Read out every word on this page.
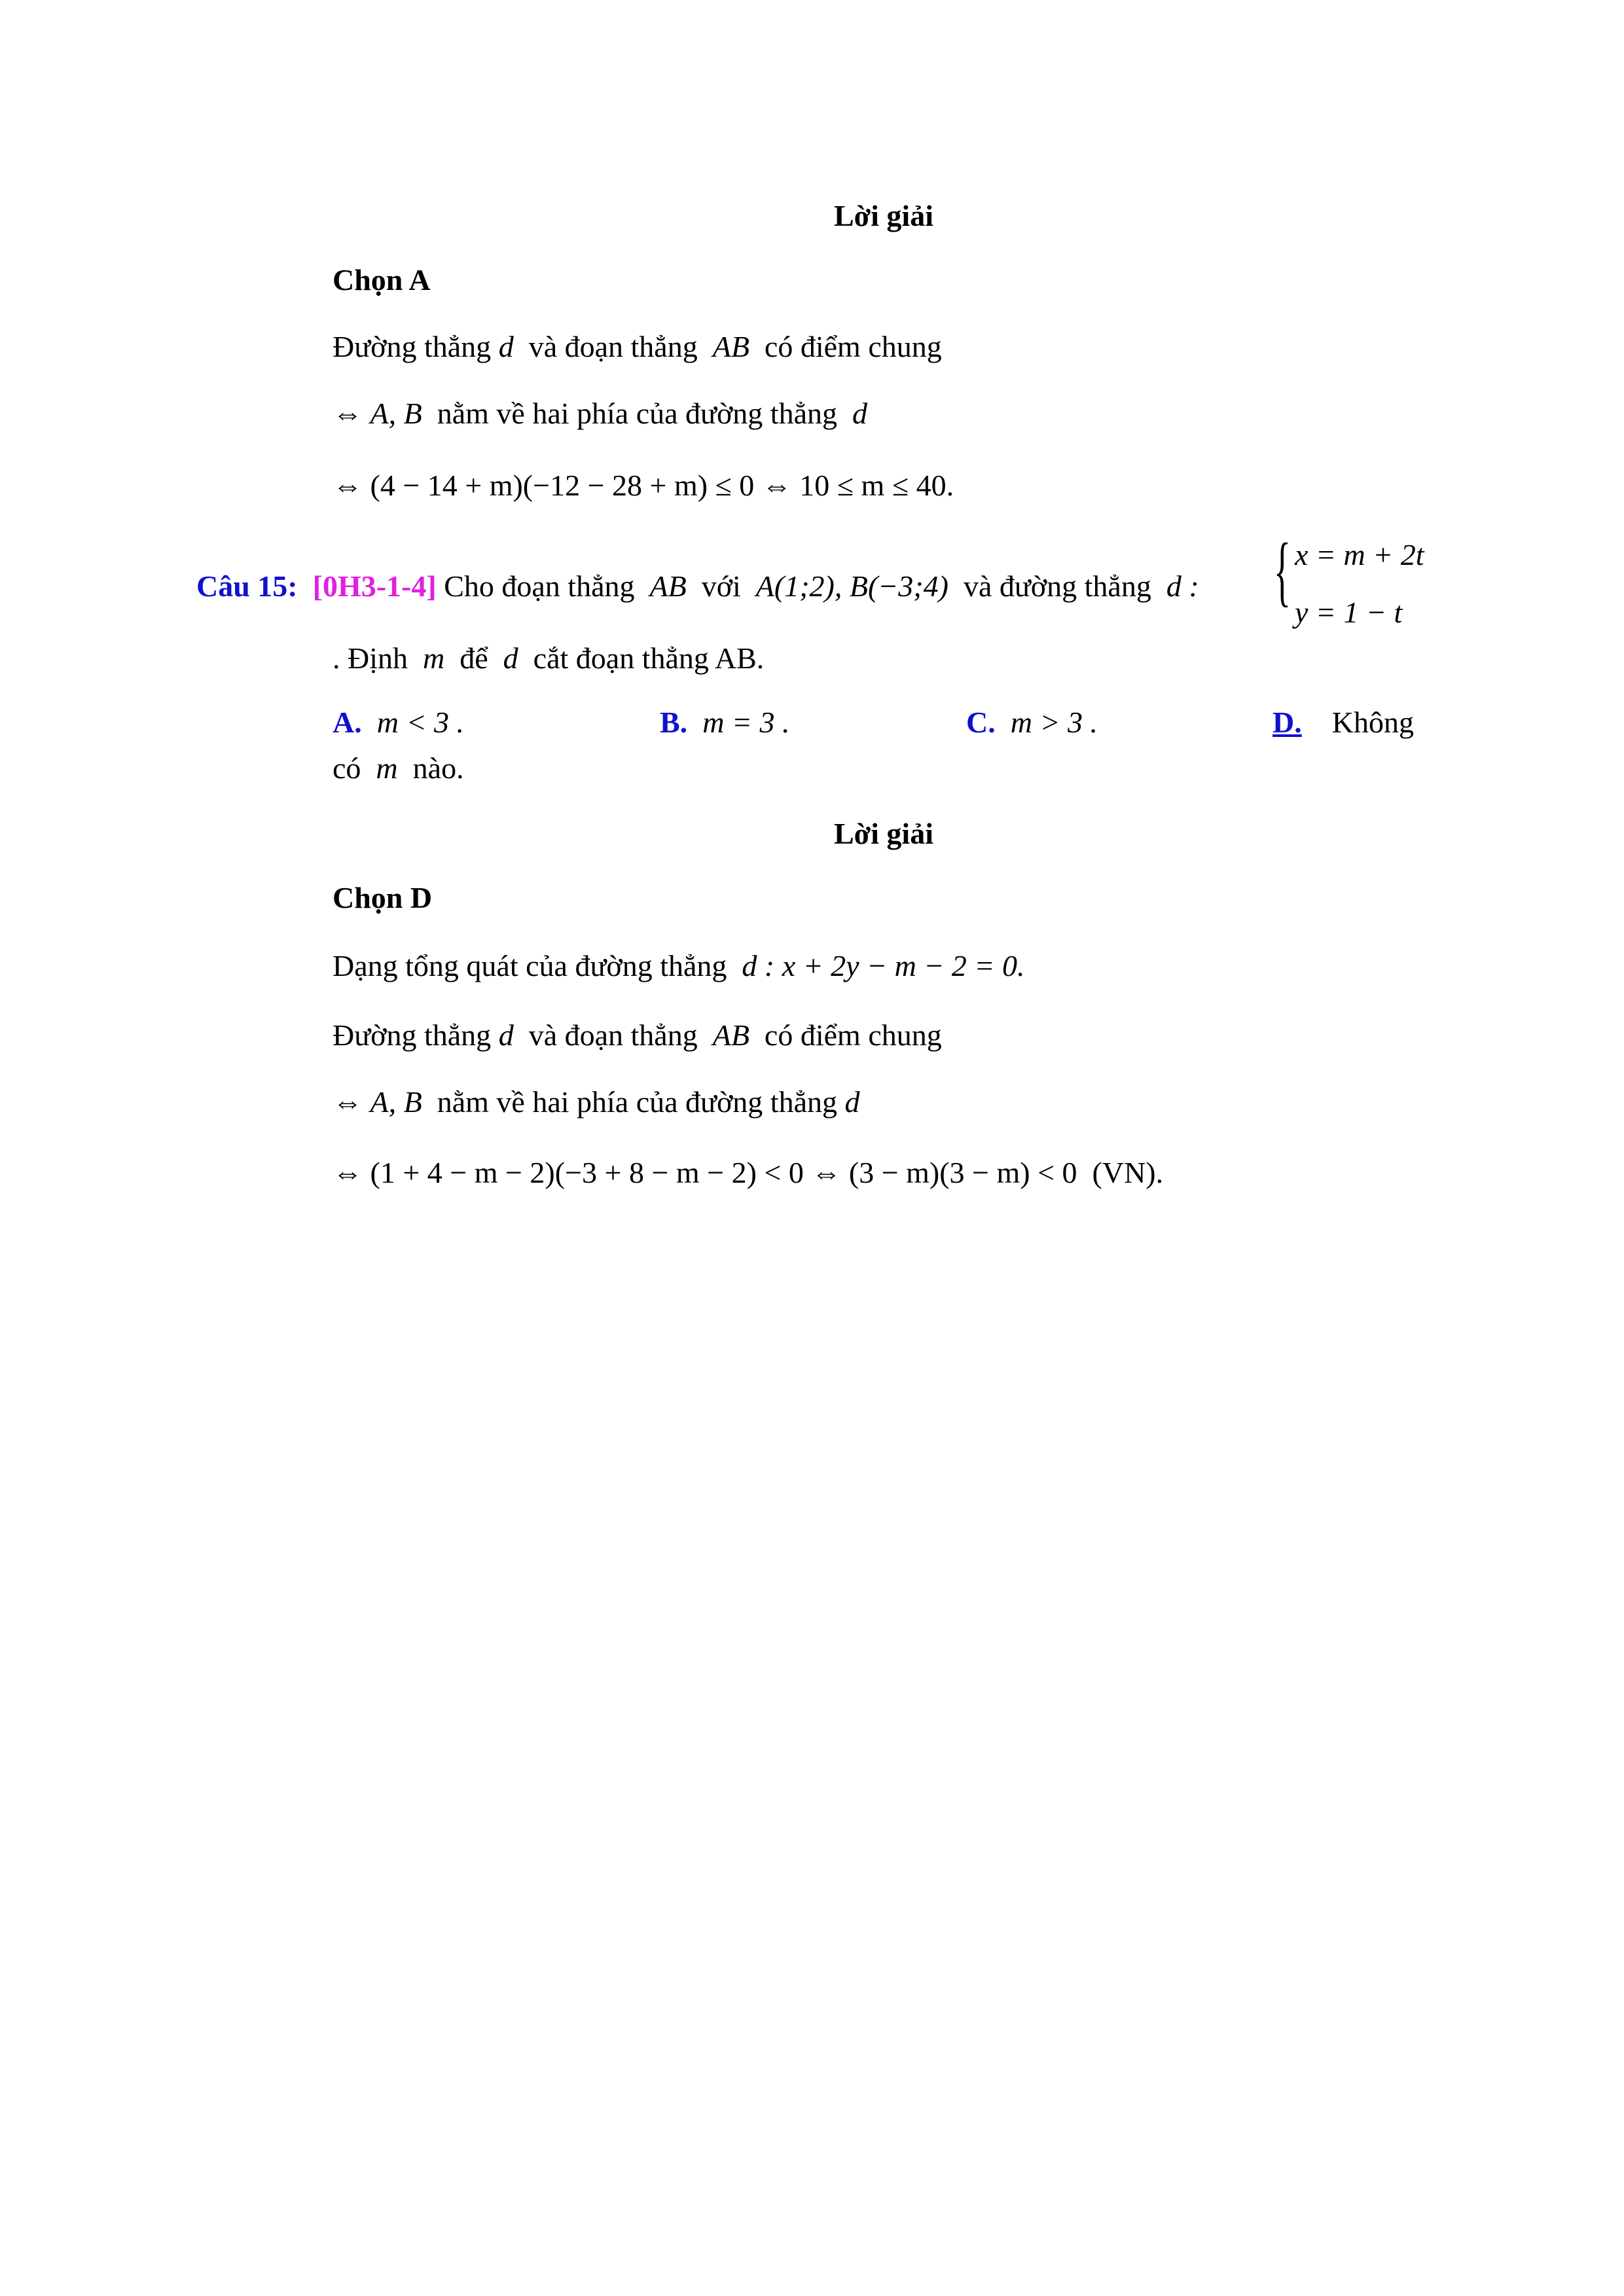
Lời giải
Chọn A
Đường thẳng d và đoạn thẳng AB có điểm chung
⇔ A, B nằm về hai phía của đường thẳng d
⇔ (4 − 14 + m)(−12 − 28 + m) ≤ 0 ⇔ 10 ≤ m ≤ 40.
Câu 15: [0H3-1-4] Cho đoạn thẳng AB với A(1;2), B(−3;4) và đường thẳng d : { x = m + 2t
y = 1 − t
. Định m để d cắt đoạn thẳng AB.
A. m < 3 .	B. m = 3 .	C. m > 3 .	D. Không
có m nào.
Lời giải
Chọn D
Dạng tổng quát của đường thẳng d : x + 2y − m − 2 = 0.
Đường thẳng d và đoạn thẳng AB có điểm chung
⇔ A, B nằm về hai phía của đường thẳng d
⇔ (1 + 4 − m − 2)(−3 + 8 − m − 2) < 0 ⇔ (3 − m)(3 − m) < 0 (VN).
